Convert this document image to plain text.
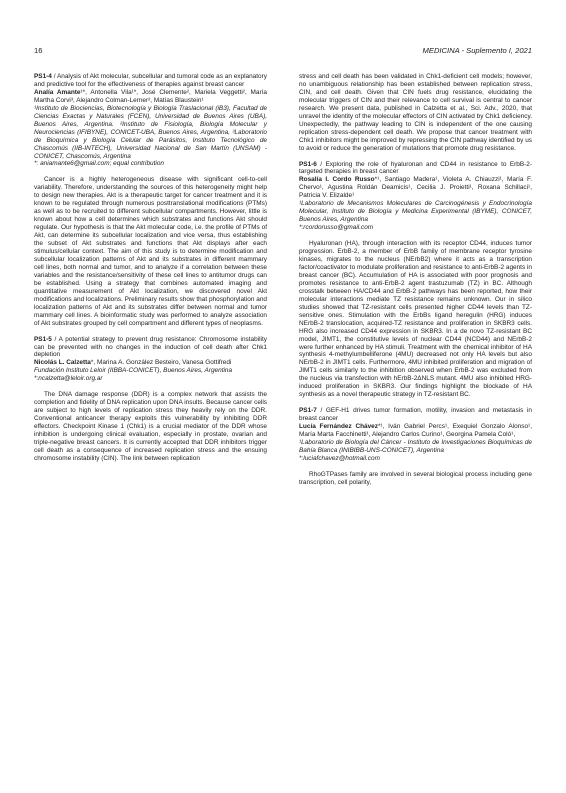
16	MEDICINA - Suplemento I, 2021

PS1-4 / Analysis of Akt molecular, subcellular and tumoral code as an explanatory and predictive tool for the effectiveness of therapies against breast cancer

Analía Amante¹*, Antonella Vila¹*, José Clemente², Mariela Veggetti², María Martha Corvi³, Alejandro Colman-Lerner², Matías Blaustein¹

¹Instituto de Biociencias, Biotecnología y Biología Traslacional (iB3), Facultad de Ciencias Exactas y Naturales (FCEN), Universidad de Buenos Aires (UBA), Buenos Aires, Argentina. ²Instituto de Fisiología, Biología Molecular y Neurociencias (IFIBYNE), CONICET-UBA, Buenos Aires, Argentina, ³Laboratorio de Bioquímica y Biología Celular de Parásitos, Instituto Tecnológico de Chascomús (IIB-INTECH), Universidad Nacional de San Martín (UNSAM) - CONICET, Chascomús, Argentina

*: aniamante6@gmail.com; equal contribution

Cancer is a highly heterogeneous disease with significant cell-to-cell variability. Therefore, understanding the sources of this heterogeneity might help to design new therapies. Akt is a therapeutic target for cancer treatment and it is known to be regulated through numerous posttranslational modifications (PTMs) as well as to be recruited to different subcellular compartments. However, little is known about how a cell determines which substrates and functions Akt should regulate. Our hypothesis is that the Akt molecular code, i.e. the profile of PTMs of Akt, can determine its subcellular localization and vice versa, thus establishing the subset of Akt substrates and functions that Akt displays after each stimulus/cellular context. The aim of this study is to determine modification and subcellular localization patterns of Akt and its substrates in different mammary cell lines, both normal and tumor, and to analyze if a correlation between these variables and the resistance/sensitivity of these cell lines to antitumor drugs can be established. Using a strategy that combines automated imaging and quantitative measurement of Akt localization, we discovered novel Akt modifications and localizations. Preliminary results show that phosphorylation and localization patterns of Akt and its substrates differ between normal and tumor mammary cell lines. A bioinformatic study was performed to analyze association of Akt substrates grouped by cell compartment and different types of neoplasms.

PS1-5 / A potential strategy to prevent drug resistance: Chromosome instability can be prevented with no changes in the induction of cell death after Chk1 depletion

Nicolás L. Calzetta*, Marina A. González Besteiro, Vanesa Gottifredi

Fundación Instituto Leloir (IIBBA-CONICET), Buenos Aires, Argentina

*:ncalzetta@leloir.org.ar

The DNA damage response (DDR) is a complex network that assists the completion and fidelity of DNA replication upon DNA insults. Because cancer cells are subject to high levels of replication stress they heavily rely on the DDR. Conventional anticancer therapy exploits this vulnerability by inhibiting DDR effectors. Checkpoint Kinase 1 (Chk1) is a crucial mediator of the DDR whose inhibition is undergoing clinical evaluation, especially in prostate, ovarian and triple-negative breast cancers. It is currently accepted that DDR inhibitors trigger cell death as a consequence of increased replication stress and the ensuing chromosome instability (CIN). The link between replication

stress and cell death has been validated in Chk1-deficient cell models; however, no unambiguous relationship has been established between replication stress, CIN, and cell death. Given that CIN fuels drug resistance, elucidating the molecular triggers of CIN and their relevance to cell survival is central to cancer research. We present data, published in Calzetta et al., Sci. Adv., 2020, that unravel the identity of the molecular effectors of CIN activated by Chk1 deficiency. Unexpectedly, the pathway leading to CIN is independent of the one causing replication stress-dependent cell death. We propose that cancer treatment with Chk1 inhibitors might be improved by repressing the CIN pathway identified by us to avoid or reduce the generation of mutations that promote drug resistance.

PS1-6 / Exploring the role of hyaluronan and CD44 in resistance to ErbB-2-targeted therapies in breast cancer

Rosalía I. Cordo Russo*¹, Santiago Madera¹, Violeta A. Chiauzzi¹, María F. Chervo¹, Agustina Roldán Deamicis¹, Cecilia J. Proietti¹, Roxana Schillaci¹, Patricia V. Elizalde¹

¹Laboratorio de Mecanismos Moleculares de Carcinogénesis y Endocrinología Molecular, Instituto de Biología y Medicina Experimental (IBYME), CONICET, Buenos Aires, Argentina

*:rcordorusso@gmail.com

Hyaluronan (HA), through interaction with its receptor CD44, induces tumor progression. ErbB-2, a member of ErbB family of membrane receptor tyrosine kinases, migrates to the nucleus (NErbB2) where it acts as a transcription factor/coactivator to modulate proliferation and resistance to anti-ErbB-2 agents in breast cancer (BC). Accumulation of HA is associated with poor prognosis and promotes resistance to anti-ErbB-2 agent trastuzumab (TZ) in BC. Although crosstalk between HA/CD44 and ErbB-2 pathways has been reported, how their molecular interactions mediate TZ resistance remains unknown. Our in silico studies showed that TZ-resistant cells presented higher CD44 levels than TZ-sensitive ones. Stimulation with the ErbBs ligand heregulin (HRG) induces NErbB-2 translocation, acquired-TZ resistance and proliferation in SKBR3 cells. HRG also increased CD44 expression in SKBR3. In a de novo TZ-resistant BC model, JIMT1, the constitutive levels of nuclear CD44 (NCD44) and NErbB-2 were further enhanced by HA stimuli. Treatment with the chemical inhibitor of HA synthesis 4-methylumbelliferone (4MU) decreased not only HA levels but also NErbB-2 in JIMT1 cells. Furthermore, 4MU inhibited proliferation and migration of JIMT1 cells similarly to the inhibition observed when ErbB-2 was excluded from the nucleus via transfection with hErbB-2ΔNLS mutant. 4MU also inhibited HRG-induced proliferation in SKBR3. Our findings highlight the blockade of HA synthesis as a novel therapeutic strategy in TZ-resistant BC.

PS1-7 / GEF-H1 drives tumor formation, motility, invasion and metastasis in breast cancer

Lucía Fernández Chávez*¹, Iván Gabriel Percs¹, Exequiel Gonzalo Alonso¹, María Marta Facchinetti¹, Alejandro Carlos Curino¹, Georgina Pamela Coló¹,

¹Laboratorio de Biología del Cáncer - Instituto de Investigaciones Bioquímicas de Bahía Blanca (INIBIBB-UNS-CONICET), Argentina

*:luciafchavez@hotmail.com

RhoGTPases family are involved in several biological process including gene transcription, cell polarity,
